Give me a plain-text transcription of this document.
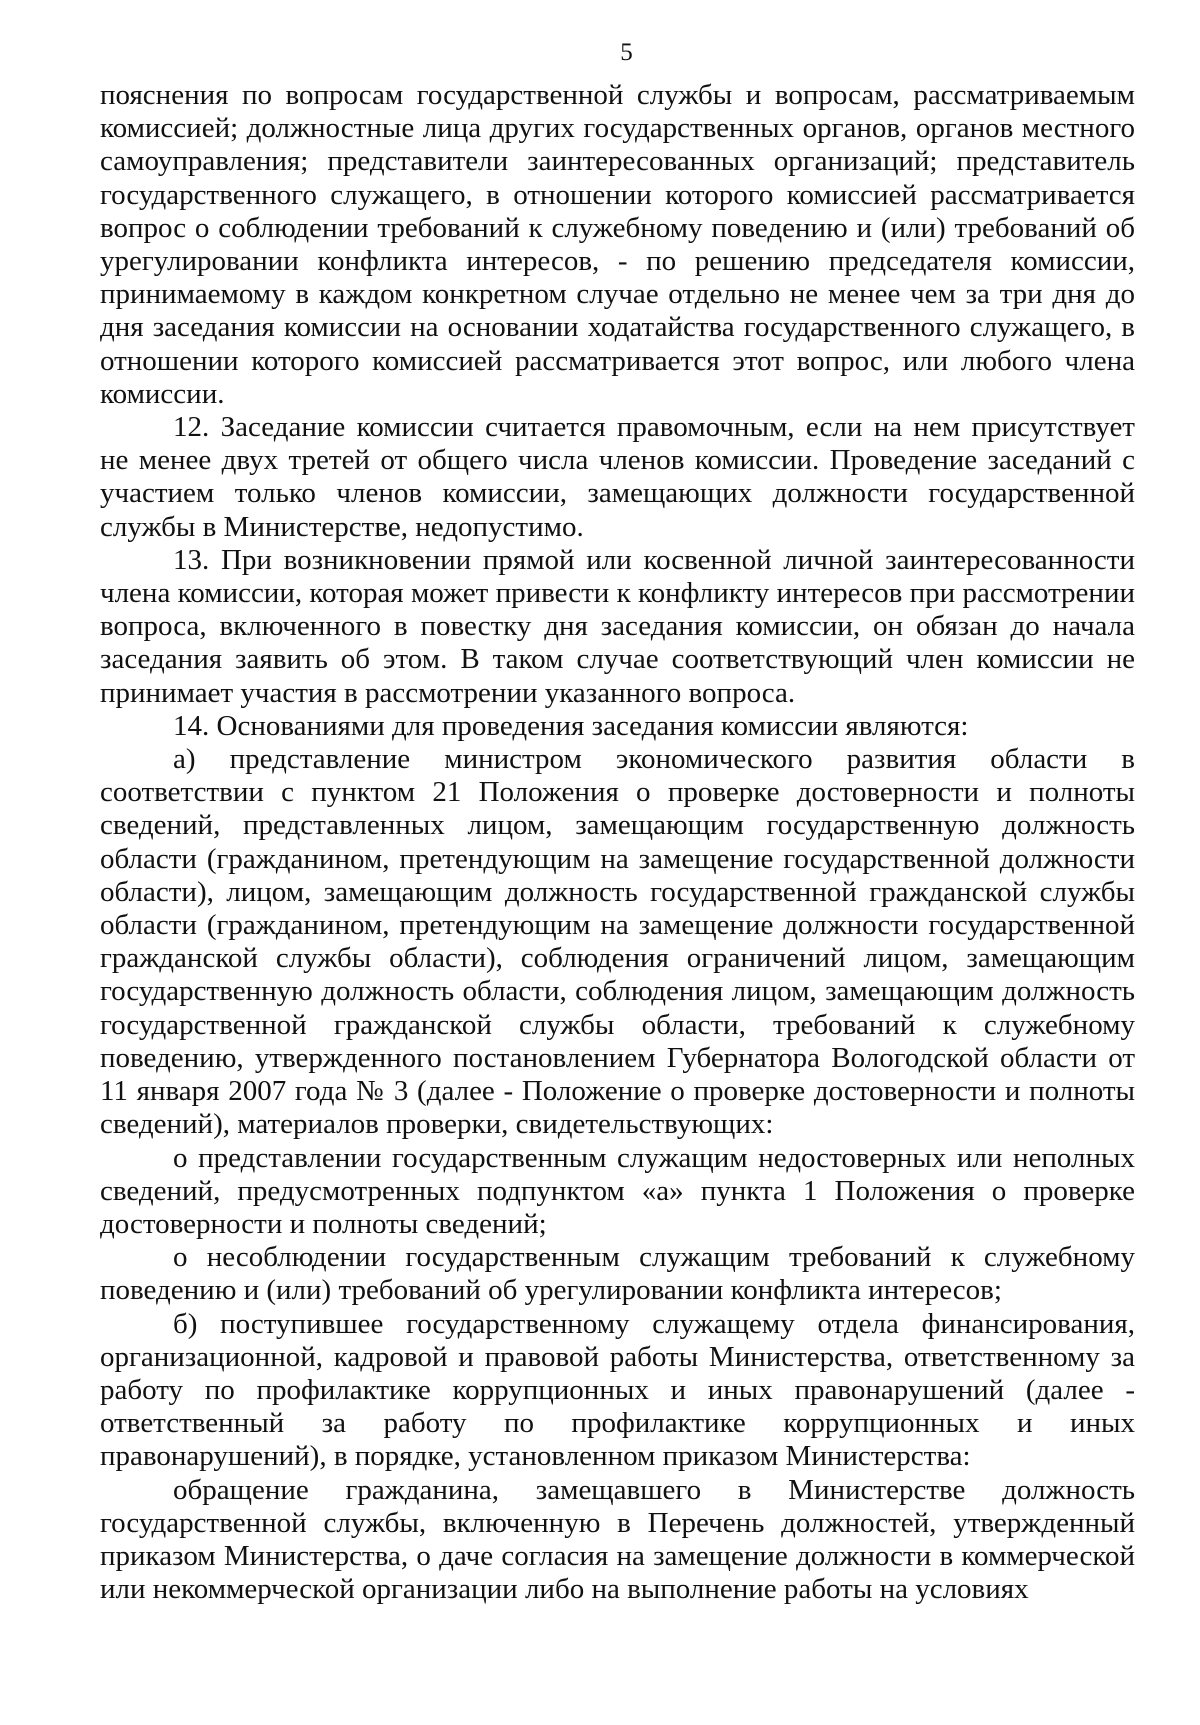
5

пояснения по вопросам государственной службы и вопросам, рассматриваемым комиссией; должностные лица других государственных органов, органов местного самоуправления; представители заинтересованных организаций; представитель государственного служащего, в отношении которого комиссией рассматривается вопрос о соблюдении требований к служебному поведению и (или) требований об урегулировании конфликта интересов, - по решению председателя комиссии, принимаемому в каждом конкретном случае отдельно не менее чем за три дня до дня заседания комиссии на основании ходатайства государственного служащего, в отношении которого комиссией рассматривается этот вопрос, или любого члена комиссии.

12. Заседание комиссии считается правомочным, если на нем присутствует не менее двух третей от общего числа членов комиссии. Проведение заседаний с участием только членов комиссии, замещающих должности государственной службы в Министерстве, недопустимо.

13. При возникновении прямой или косвенной личной заинтересованности члена комиссии, которая может привести к конфликту интересов при рассмотрении вопроса, включенного в повестку дня заседания комиссии, он обязан до начала заседания заявить об этом. В таком случае соответствующий член комиссии не принимает участия в рассмотрении указанного вопроса.

14. Основаниями для проведения заседания комиссии являются:

а) представление министром экономического развития области в соответствии с пунктом 21 Положения о проверке достоверности и полноты сведений, представленных лицом, замещающим государственную должность области (гражданином, претендующим на замещение государственной должности области), лицом, замещающим должность государственной гражданской службы области (гражданином, претендующим на замещение должности государственной гражданской службы области), соблюдения ограничений лицом, замещающим государственную должность области, соблюдения лицом, замещающим должность государственной гражданской службы области, требований к служебному поведению, утвержденного постановлением Губернатора Вологодской области от 11 января 2007 года № 3 (далее - Положение о проверке достоверности и полноты сведений), материалов проверки, свидетельствующих:

о представлении государственным служащим недостоверных или неполных сведений, предусмотренных подпунктом «а» пункта 1 Положения о проверке достоверности и полноты сведений;

о несоблюдении государственным служащим требований к служебному поведению и (или) требований об урегулировании конфликта интересов;

б) поступившее государственному служащему отдела финансирования, организационной, кадровой и правовой работы Министерства, ответственному за работу по профилактике коррупционных и иных правонарушений (далее - ответственный за работу по профилактике коррупционных и иных правонарушений), в порядке, установленном приказом Министерства:

обращение гражданина, замещавшего в Министерстве должность государственной службы, включенную в Перечень должностей, утвержденный приказом Министерства, о даче согласия на замещение должности в коммерческой или некоммерческой организации либо на выполнение работы на условиях
